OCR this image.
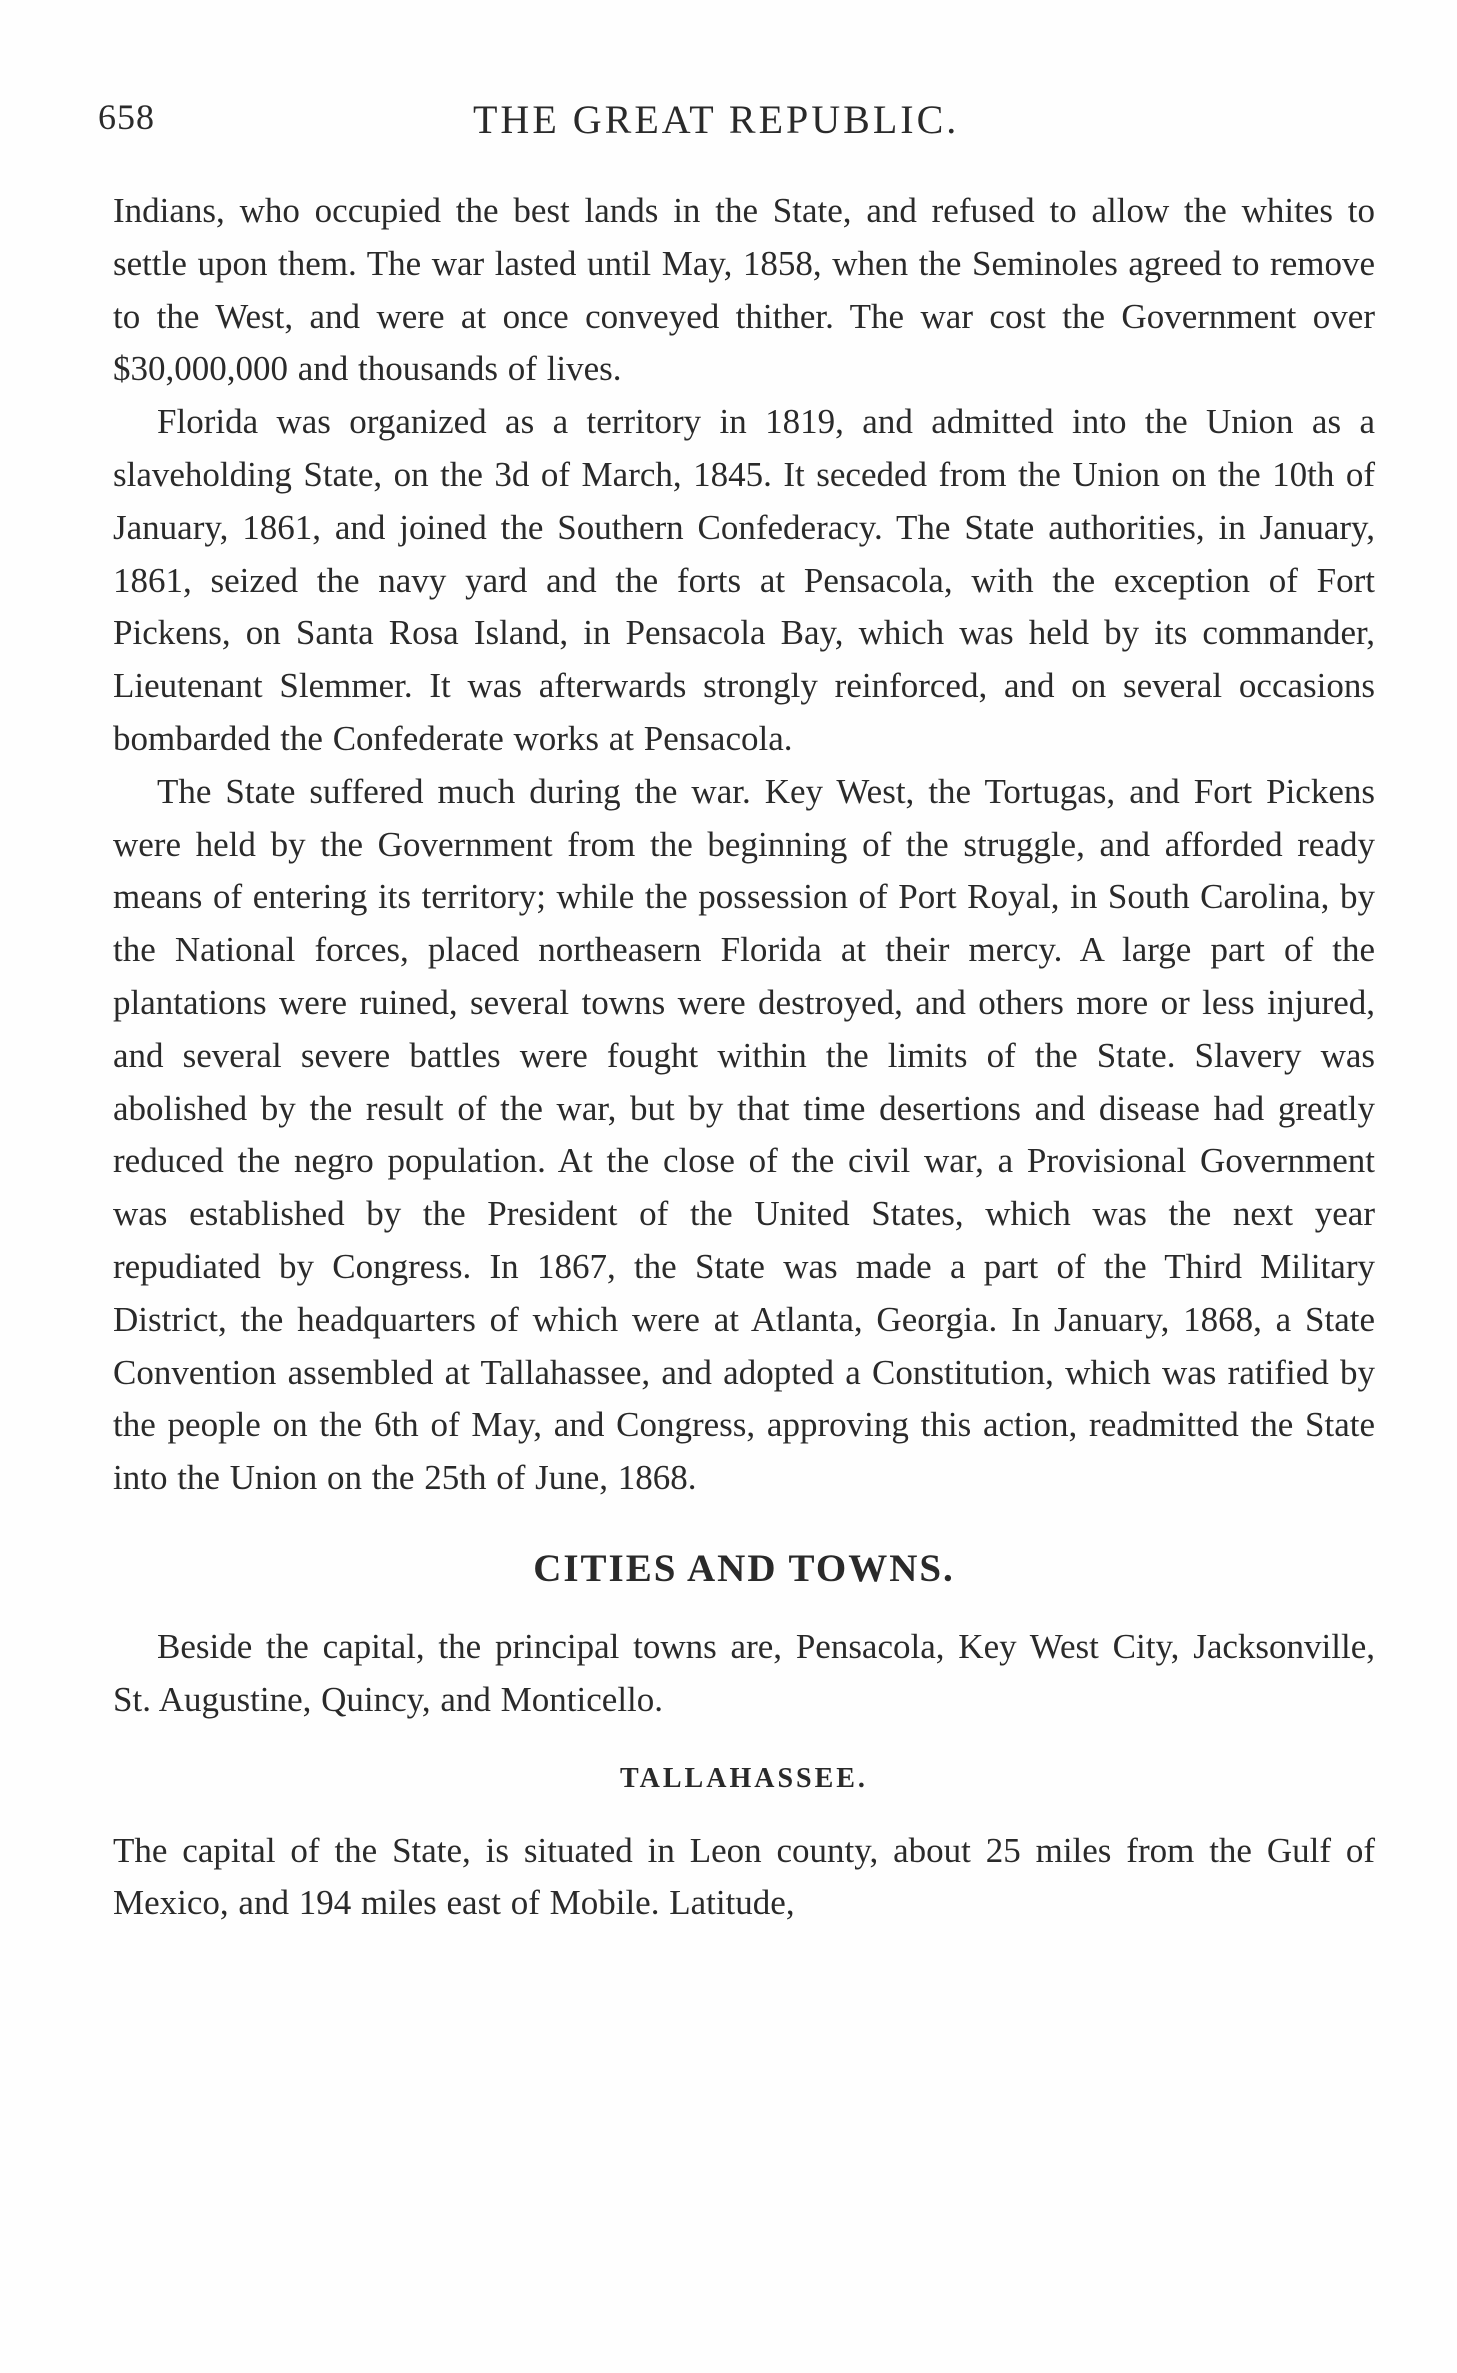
658	THE GREAT REPUBLIC.

Indians, who occupied the best lands in the State, and refused to allow the whites to settle upon them. The war lasted until May, 1858, when the Seminoles agreed to remove to the West, and were at once conveyed thither. The war cost the Government over $30,000,000 and thousands of lives.

Florida was organized as a territory in 1819, and admitted into the Union as a slaveholding State, on the 3d of March, 1845. It seceded from the Union on the 10th of January, 1861, and joined the Southern Confederacy. The State authorities, in January, 1861, seized the navy yard and the forts at Pensacola, with the exception of Fort Pickens, on Santa Rosa Island, in Pensacola Bay, which was held by its commander, Lieutenant Slemmer. It was afterwards strongly reinforced, and on several occasions bombarded the Confederate works at Pensacola.

The State suffered much during the war. Key West, the Tortugas, and Fort Pickens were held by the Government from the beginning of the struggle, and afforded ready means of entering its territory; while the possession of Port Royal, in South Carolina, by the National forces, placed northeasern Florida at their mercy. A large part of the plantations were ruined, several towns were destroyed, and others more or less injured, and several severe battles were fought within the limits of the State. Slavery was abolished by the result of the war, but by that time desertions and disease had greatly reduced the negro population. At the close of the civil war, a Provisional Government was established by the President of the United States, which was the next year repudiated by Congress. In 1867, the State was made a part of the Third Military District, the headquarters of which were at Atlanta, Georgia. In January, 1868, a State Convention assembled at Tallahassee, and adopted a Constitution, which was ratified by the people on the 6th of May, and Congress, approving this action, readmitted the State into the Union on the 25th of June, 1868.

CITIES AND TOWNS.

Beside the capital, the principal towns are, Pensacola, Key West City, Jacksonville, St. Augustine, Quincy, and Monticello.

TALLAHASSEE.

The capital of the State, is situated in Leon county, about 25 miles from the Gulf of Mexico, and 194 miles east of Mobile. Latitude,
